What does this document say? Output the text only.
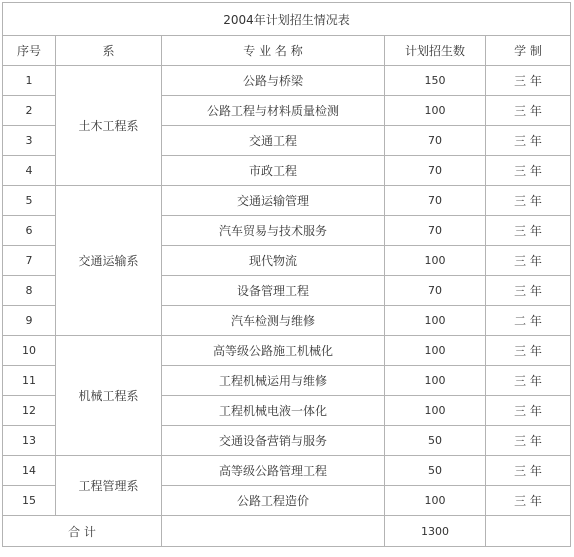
2004年计划招生情况表				
序号	系	专 业 名 称	计划招生数	学 制
1	土木工程系	公路与桥梁	150	三 年
2		公路工程与材料质量检测	100	三 年
3		交通工程	70	三 年
4		市政工程	70	三 年
5	交通运输系	交通运输管理	70	三 年
6		汽车贸易与技术服务	70	三 年
7		现代物流	100	三 年
8		设备管理工程	70	三 年
9		汽车检测与维修	100	二 年
10	机械工程系	高等级公路施工机械化	100	三 年
11		工程机械运用与维修	100	三 年
12		工程机械电液一体化	100	三 年
13		交通设备营销与服务	50	三 年
14	工程管理系	高等级公路管理工程	50	三 年
15		公路工程造价	100	三 年
合 计			1300	
